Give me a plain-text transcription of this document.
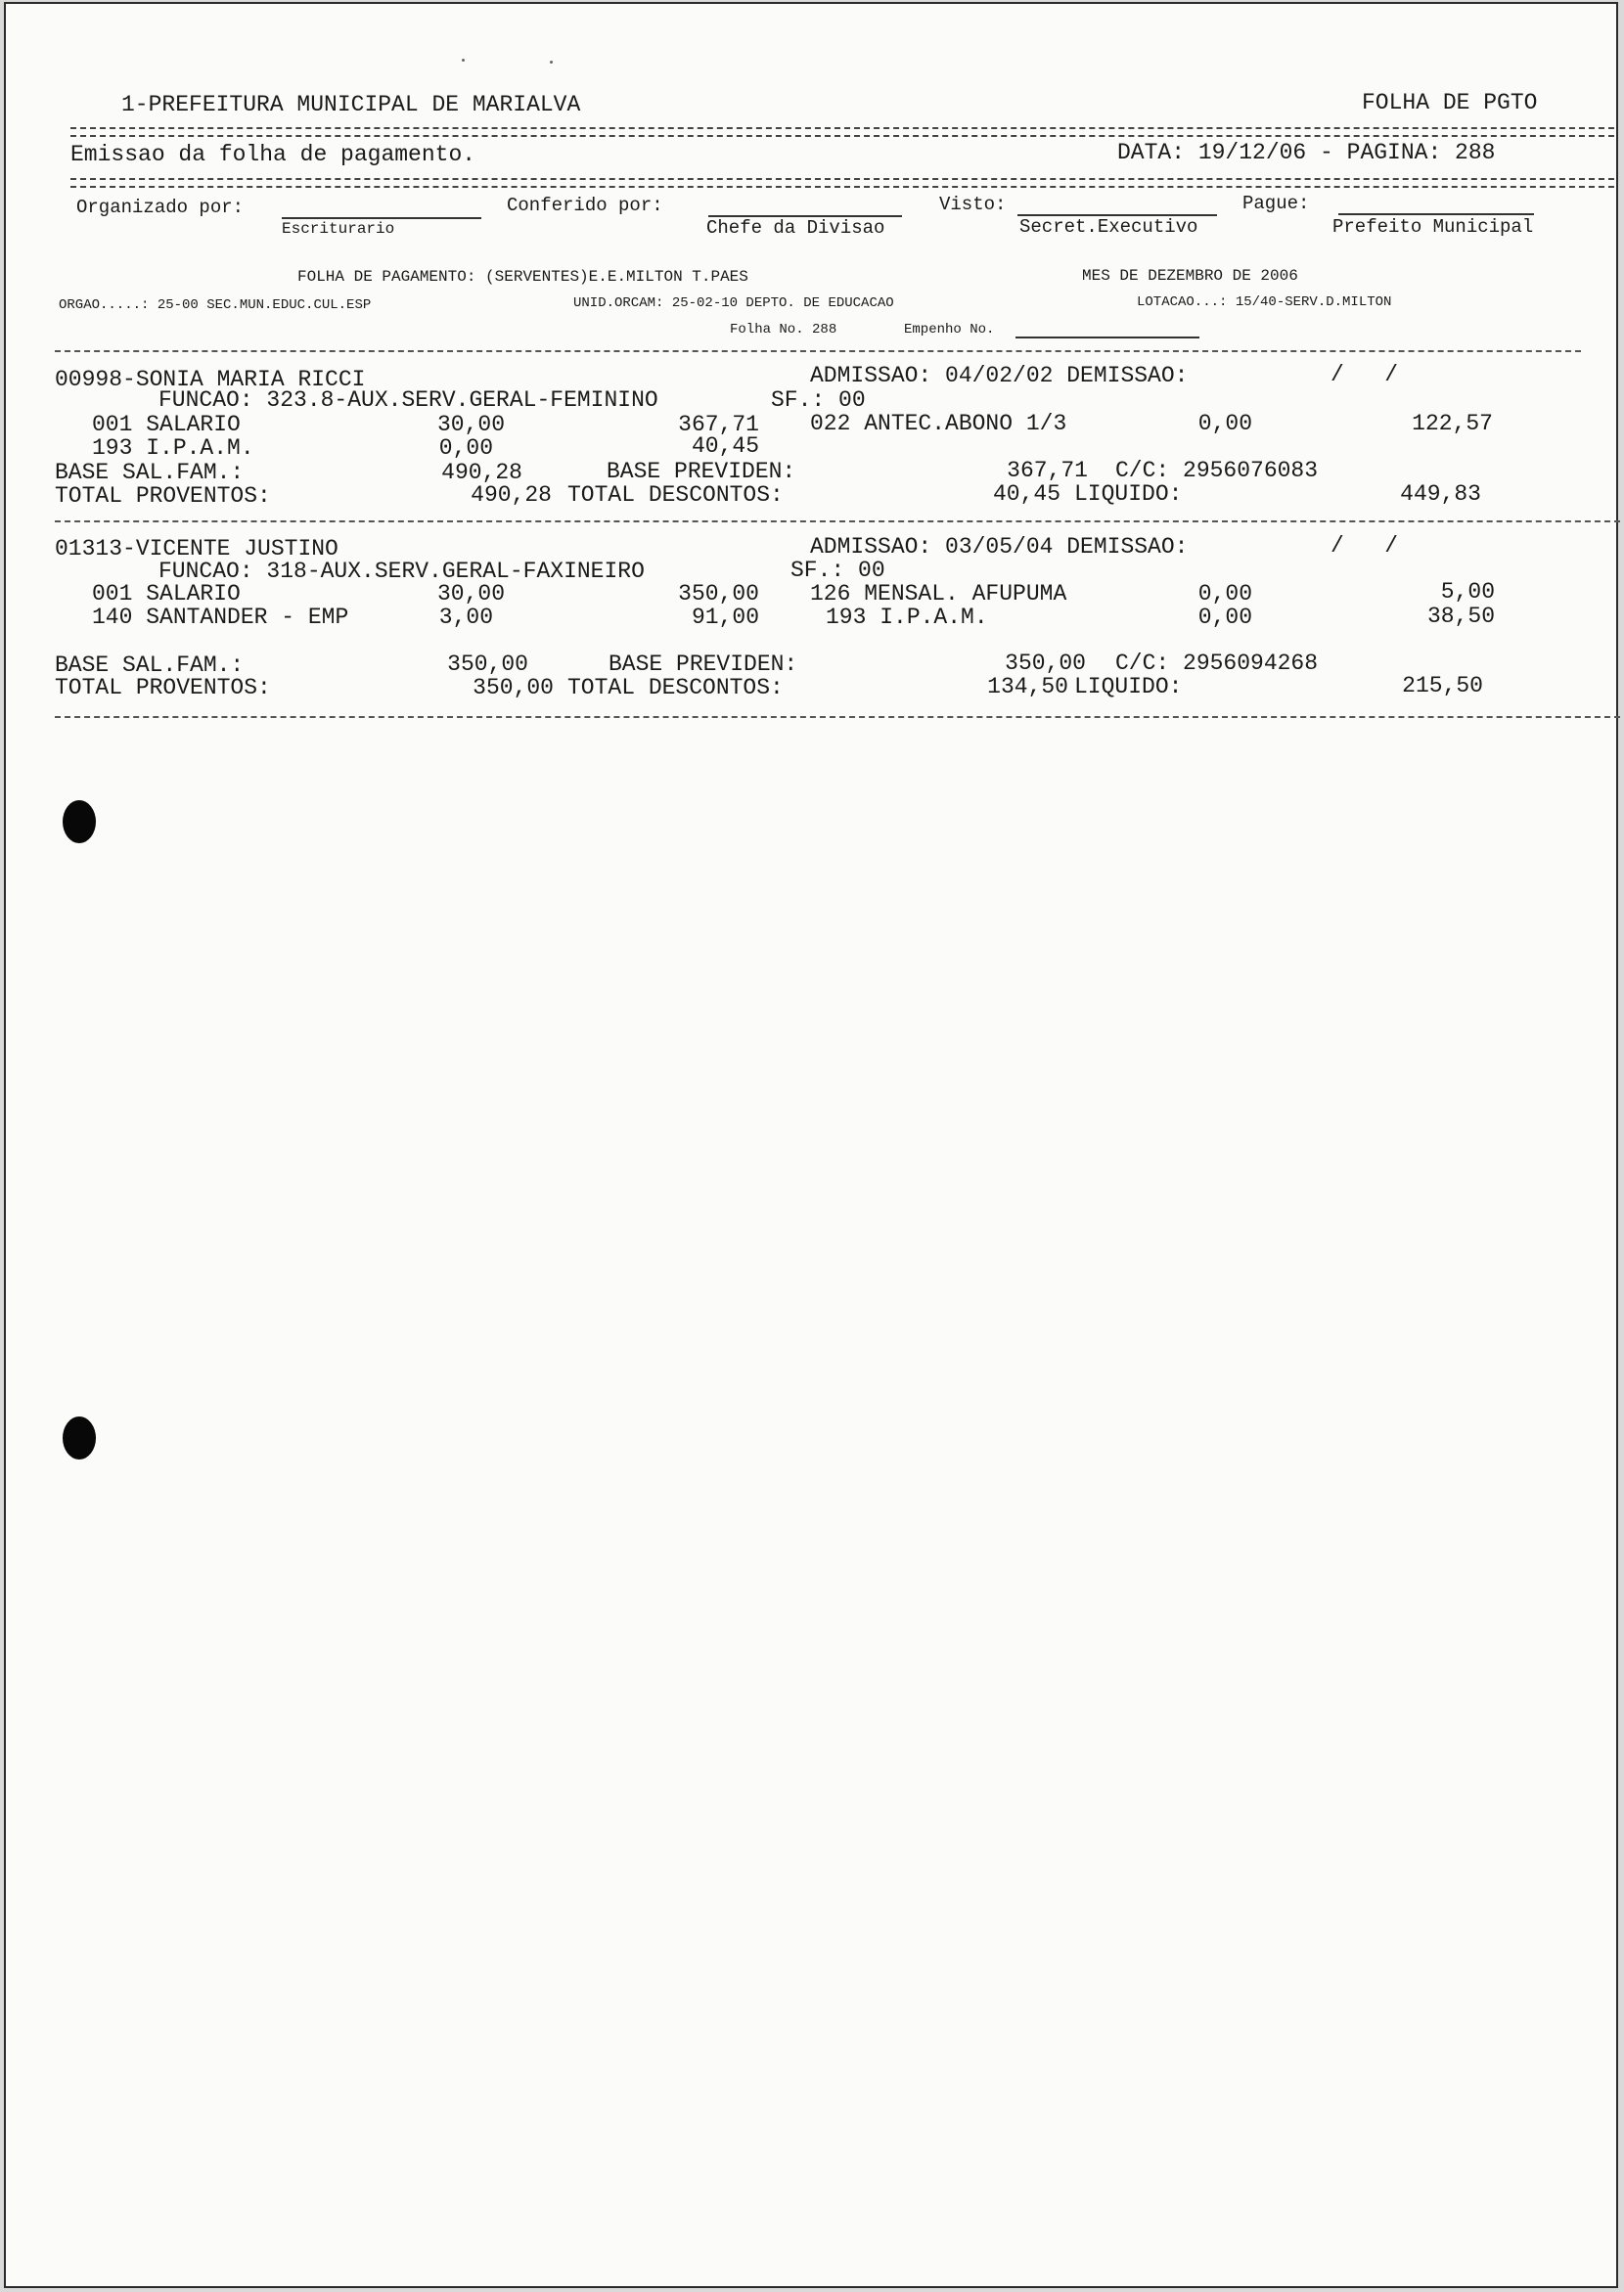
1-PREFEITURA MUNICIPAL DE MARIALVA	FOLHA DE PGTO
Emissao da folha de pagamento.	DATA: 19/12/06 - PAGINA: 288
Organizado por:
Escriturario
Conferido por:
Chefe da Divisao
Visto:
Secret.Executivo
Pague:
Prefeito Municipal
FOLHA DE PAGAMENTO: (SERVENTES)E.E.MILTON T.PAES	MES DE DEZEMBRO DE 2006
ORGAO.....: 25-00 SEC.MUN.EDUC.CUL.ESP	UNID.ORCAM: 25-02-10 DEPTO. DE EDUCACAO	LOTACAO...: 15/40-SERV.D.MILTON
Folha No. 288	Empenho No.
00998-SONIA MARIA RICCI	ADMISSAO: 04/02/02 DEMISSAO:	/   /
FUNCAO: 323.8-AUX.SERV.GERAL-FEMININO	SF.: 00
001 SALARIO	30,00	367,71 022 ANTEC.ABONO 1/3	0,00	122,57
193 I.P.A.M.	0,00	40,45
BASE SAL.FAM.:	490,28	BASE PREVIDEN:	367,71 C/C: 2956076083
TOTAL PROVENTOS:	490,28 TOTAL DESCONTOS:	40,45 LIQUIDO:	449,83
01313-VICENTE JUSTINO	ADMISSAO: 03/05/04 DEMISSAO:	/   /
FUNCAO: 318-AUX.SERV.GERAL-FAXINEIRO	SF.: 00
001 SALARIO	30,00	350,00 126 MENSAL. AFUPUMA	0,00	5,00
140 SANTANDER - EMP	3,00	91,00	193 I.P.A.M.	0,00	38,50
BASE SAL.FAM.:	350,00	BASE PREVIDEN:	350,00 C/C: 2956094268
TOTAL PROVENTOS:	350,00 TOTAL DESCONTOS:	134,50 LIQUIDO:	215,50
